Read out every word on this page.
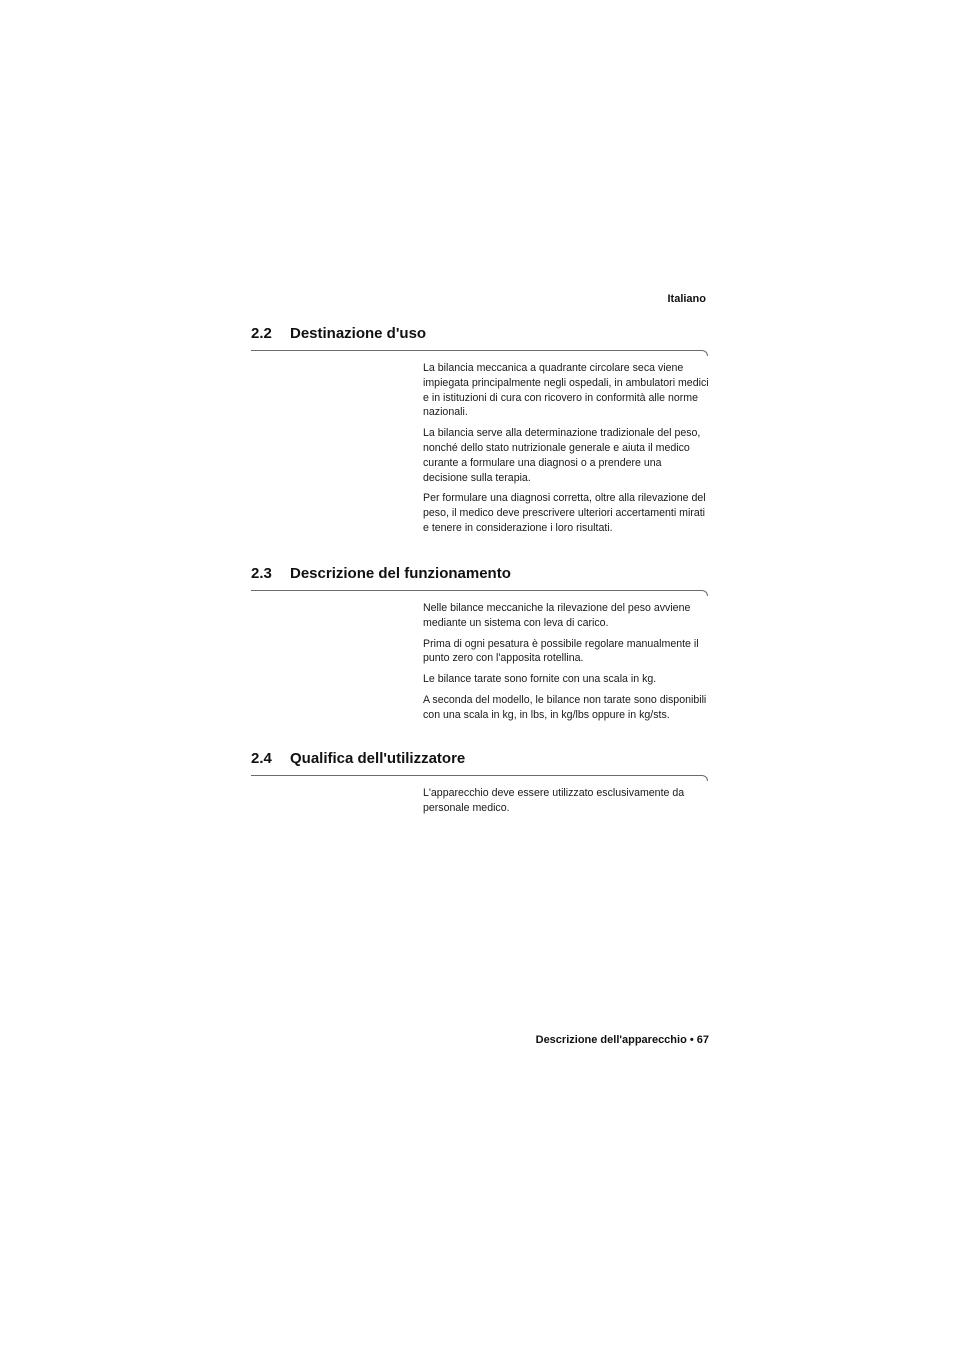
Italiano
2.2	Destinazione d'uso

La bilancia meccanica a quadrante circolare seca viene impiegata principalmente negli ospedali, in ambulatori medici e in istituzioni di cura con ricovero in conformità alle norme nazionali.

La bilancia serve alla determinazione tradizionale del peso, nonché dello stato nutrizionale generale e aiuta il medico curante a formulare una diagnosi o a prendere una decisione sulla terapia.

Per formulare una diagnosi corretta, oltre alla rilevazione del peso, il medico deve prescrivere ulteriori accertamenti mirati e tenere in considerazione i loro risultati.

2.3	Descrizione del funzionamento

Nelle bilance meccaniche la rilevazione del peso avviene mediante un sistema con leva di carico.

Prima di ogni pesatura è possibile regolare manualmente il punto zero con l'apposita rotellina.

Le bilance tarate sono fornite con una scala in kg.

A seconda del modello, le bilance non tarate sono disponibili con una scala in kg, in lbs, in kg/lbs oppure in kg/sts.

2.4	Qualifica dell'utilizzatore

L'apparecchio deve essere utilizzato esclusivamente da personale medico.

Descrizione dell'apparecchio • 67
